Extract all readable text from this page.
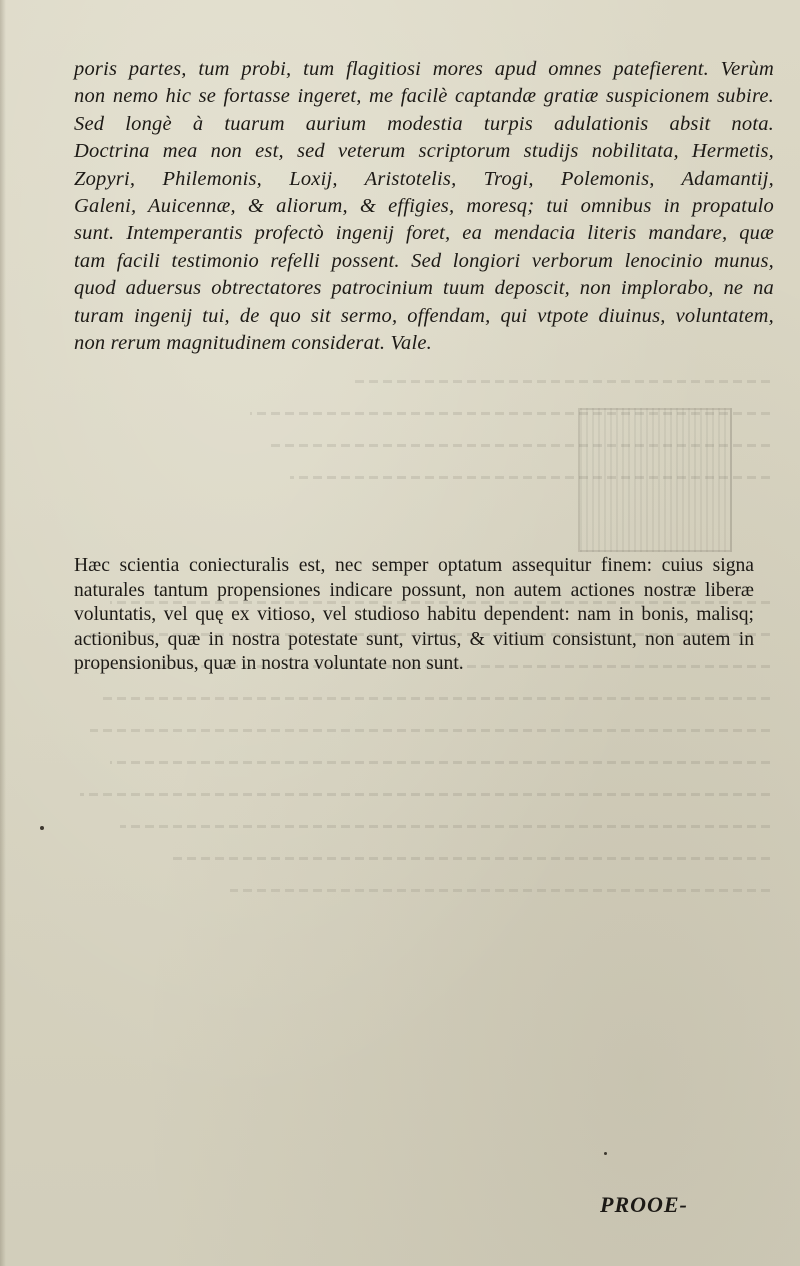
poris partes, tum probi, tum flagitiosi mores apud omnes patefierent. Verùm
non nemo hic se fortasse ingeret, me facilè captandæ gratiæ suspicionem subire.
Sed longè à tuarum aurium modestia turpis adulationis absit nota.
Doctrina mea non est, sed veterum scriptorum studijs nobilitata, Hermetis,
Zopyri, Philemonis, Loxij, Aristotelis, Trogi, Polemonis, Adamantij,
Galeni, Auicennæ, & aliorum, & effigies, moresq; tui omnibus in propatulo
sunt. Intemperantis profectò ingenij foret, ea mendacia literis mandare, quæ
tam facili testimonio refelli possent. Sed longiori verborum lenocinio munus,
quod aduersus obtrectatores patrocinium tuum deposcit, non implorabo, ne na
turam ingenij tui, de quo sit sermo, offendam, qui vtpote diuinus, voluntatem,
non rerum magnitudinem considerat. Vale.
Hæc scientia coniecturalis est, nec semper optatum assequitur finem: cuius signa
naturales tantum propensiones indicare possunt, non autem actiones nostræ liberæ
voluntatis, vel quę ex vitioso, vel studioso habitu dependent: nam in bonis, malisq;
actionibus, quæ in nostra potestate sunt, virtus, & vitium consistunt, non autem in
propensionibus, quæ in nostra voluntate non sunt.
PROOE-
